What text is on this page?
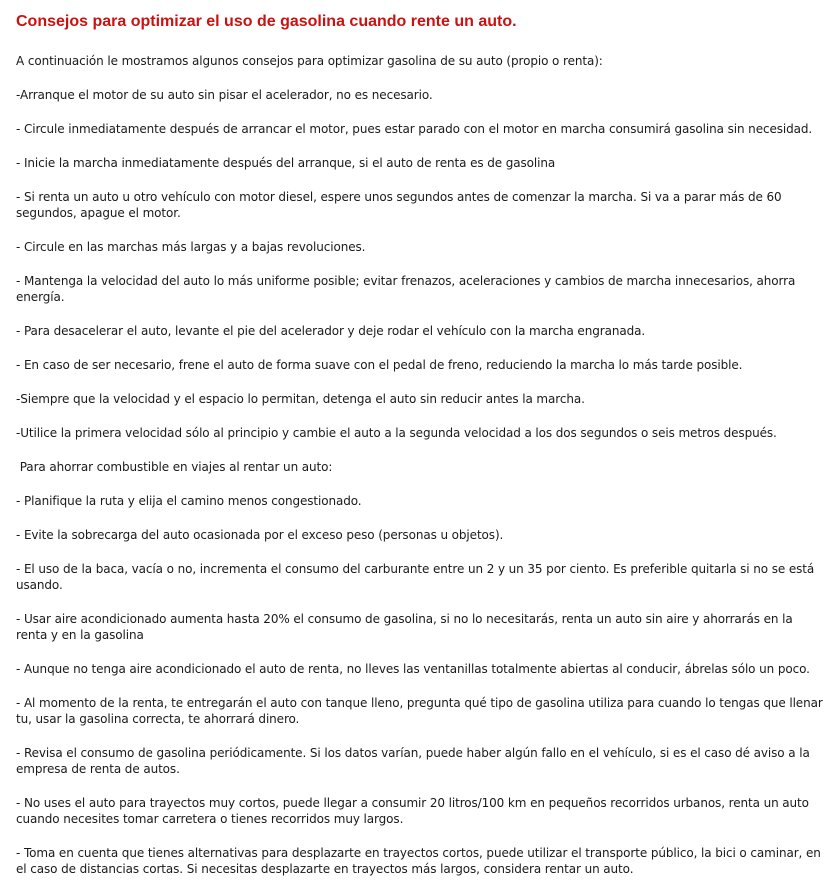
Consejos para optimizar el uso de gasolina cuando rente un auto.

A continuación le mostramos algunos consejos para optimizar gasolina de su auto (propio o renta):

-Arranque el motor de su auto sin pisar el acelerador, no es necesario.

- Circule inmediatamente después de arrancar el motor, pues estar parado con el motor en marcha consumirá gasolina sin necesidad.

- Inicie la marcha inmediatamente después del arranque, si el auto de renta es de gasolina

- Si renta un auto u otro vehículo con motor diesel, espere unos segundos antes de comenzar la marcha. Si va a parar más de 60 segundos, apague el motor.

- Circule en las marchas más largas y a bajas revoluciones.

- Mantenga la velocidad del auto lo más uniforme posible; evitar frenazos, aceleraciones y cambios de marcha innecesarios, ahorra energía.

- Para desacelerar el auto, levante el pie del acelerador y deje rodar el vehículo con la marcha engranada.

- En caso de ser necesario, frene el auto de forma suave con el pedal de freno, reduciendo la marcha lo más tarde posible.

-Siempre que la velocidad y el espacio lo permitan, detenga el auto sin reducir antes la marcha.

-Utilice la primera velocidad sólo al principio y cambie el auto a la segunda velocidad a los dos segundos o seis metros después.

Para ahorrar combustible en viajes al rentar un auto:

- Planifique la ruta y elija el camino menos congestionado.

- Evite la sobrecarga del auto ocasionada por el exceso peso (personas u objetos).

- El uso de la baca, vacía o no, incrementa el consumo del carburante entre un 2 y un 35 por ciento. Es preferible quitarla si no se está usando.

- Usar aire acondicionado aumenta hasta 20% el consumo de gasolina, si no lo necesitarás, renta un auto sin aire y ahorrarás en la renta y en la gasolina

- Aunque no tenga aire acondicionado el auto de renta, no lleves las ventanillas totalmente abiertas al conducir, ábrelas sólo un poco.

- Al momento de la renta, te entregarán el auto con tanque lleno, pregunta qué tipo de gasolina utiliza para cuando lo tengas que llenar tu, usar la gasolina correcta, te ahorrará dinero.

- Revisa el consumo de gasolina periódicamente. Si los datos varían, puede haber algún fallo en el vehículo, si es el caso dé aviso a la empresa de renta de autos.

- No uses el auto para trayectos muy cortos, puede llegar a consumir 20 litros/100 km en pequeños recorridos urbanos, renta un auto cuando necesites tomar carretera o tienes recorridos muy largos.

- Toma en cuenta que tienes alternativas para desplazarte en trayectos cortos, puede utilizar el transporte público, la bici o caminar, en el caso de distancias cortas. Si necesitas desplazarte en trayectos más largos, considera rentar un auto.
